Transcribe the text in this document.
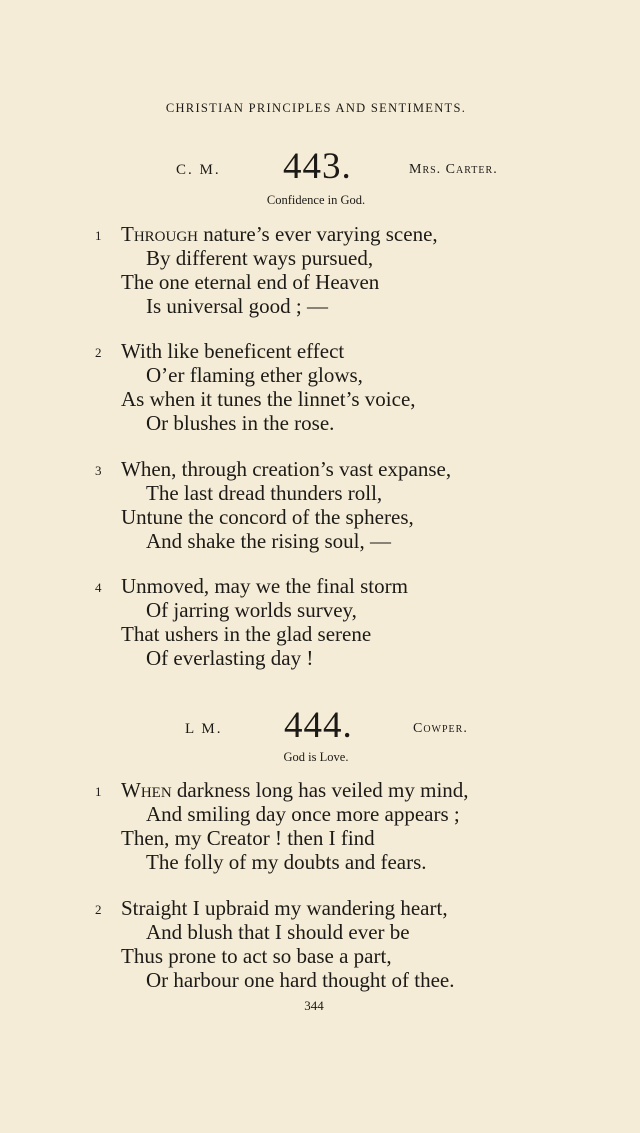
CHRISTIAN PRINCIPLES AND SENTIMENTS.
C. M. 443.	Mrs. Carter.
Confidence in God.
1 Through nature’s ever varying scene,
By different ways pursued,
The one eternal end of Heaven
Is universal good ; —
2 With like beneficent effect
O’er flaming ether glows,
As when it tunes the linnet’s voice,
Or blushes in the rose.
3 When, through creation’s vast expanse,
The last dread thunders roll,
Untune the concord of the spheres,
And shake the rising soul, —
4 Unmoved, may we the final storm
Of jarring worlds survey,
That ushers in the glad serene
Of everlasting day !
L M. 444.	Cowper.
God is Love.
1 When darkness long has veiled my mind,
And smiling day once more appears ;
Then, my Creator ! then I find
The folly of my doubts and fears.
2 Straight I upbraid my wandering heart,
And blush that I should ever be
Thus prone to act so base a part,
Or harbour one hard thought of thee.
344
